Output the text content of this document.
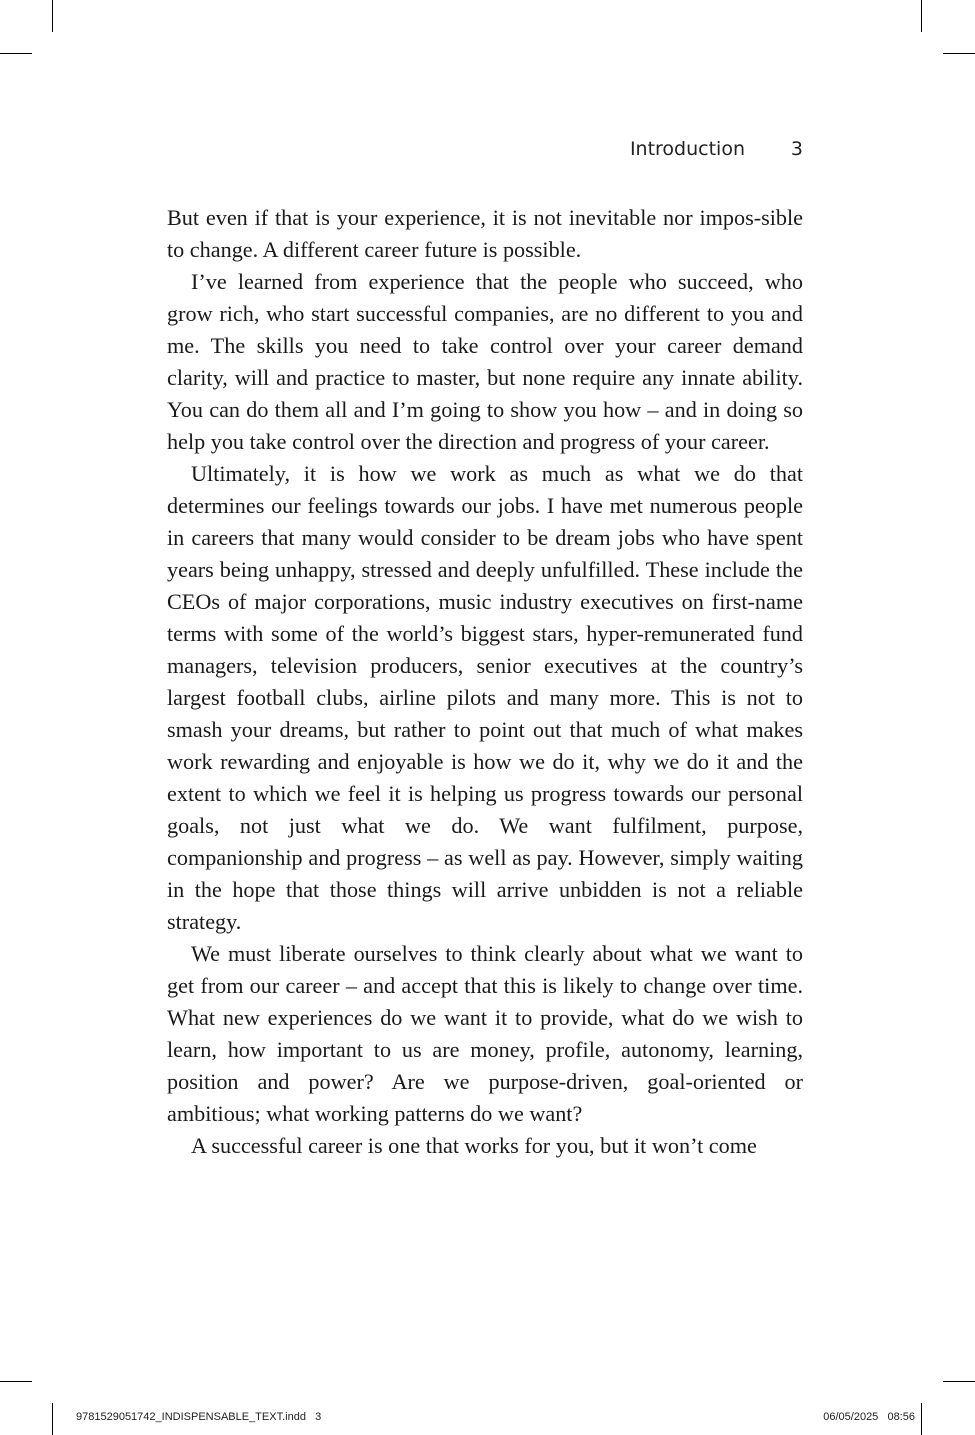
Introduction 3

But even if that is your experience, it is not inevitable nor impos-sible to change. A different career future is possible.

I’ve learned from experience that the people who succeed, who grow rich, who start successful companies, are no different to you and me. The skills you need to take control over your career demand clarity, will and practice to master, but none require any innate ability. You can do them all and I’m going to show you how – and in doing so help you take control over the direction and progress of your career.

Ultimately, it is how we work as much as what we do that determines our feelings towards our jobs. I have met numerous people in careers that many would consider to be dream jobs who have spent years being unhappy, stressed and deeply unfulfilled. These include the CEOs of major corporations, music industry executives on first-name terms with some of the world’s biggest stars, hyper-remunerated fund managers, television producers, senior executives at the country’s largest football clubs, airline pilots and many more. This is not to smash your dreams, but rather to point out that much of what makes work rewarding and enjoyable is how we do it, why we do it and the extent to which we feel it is helping us progress towards our personal goals, not just what we do. We want fulfilment, purpose, companionship and progress – as well as pay. However, simply waiting in the hope that those things will arrive unbidden is not a reliable strategy.

We must liberate ourselves to think clearly about what we want to get from our career – and accept that this is likely to change over time. What new experiences do we want it to provide, what do we wish to learn, how important to us are money, profile, autonomy, learning, position and power? Are we purpose-driven, goal-oriented or ambitious; what working patterns do we want?

A successful career is one that works for you, but it won’t come

9781529051742_INDISPENSABLE_TEXT.indd   3	06/05/2025   08:56
